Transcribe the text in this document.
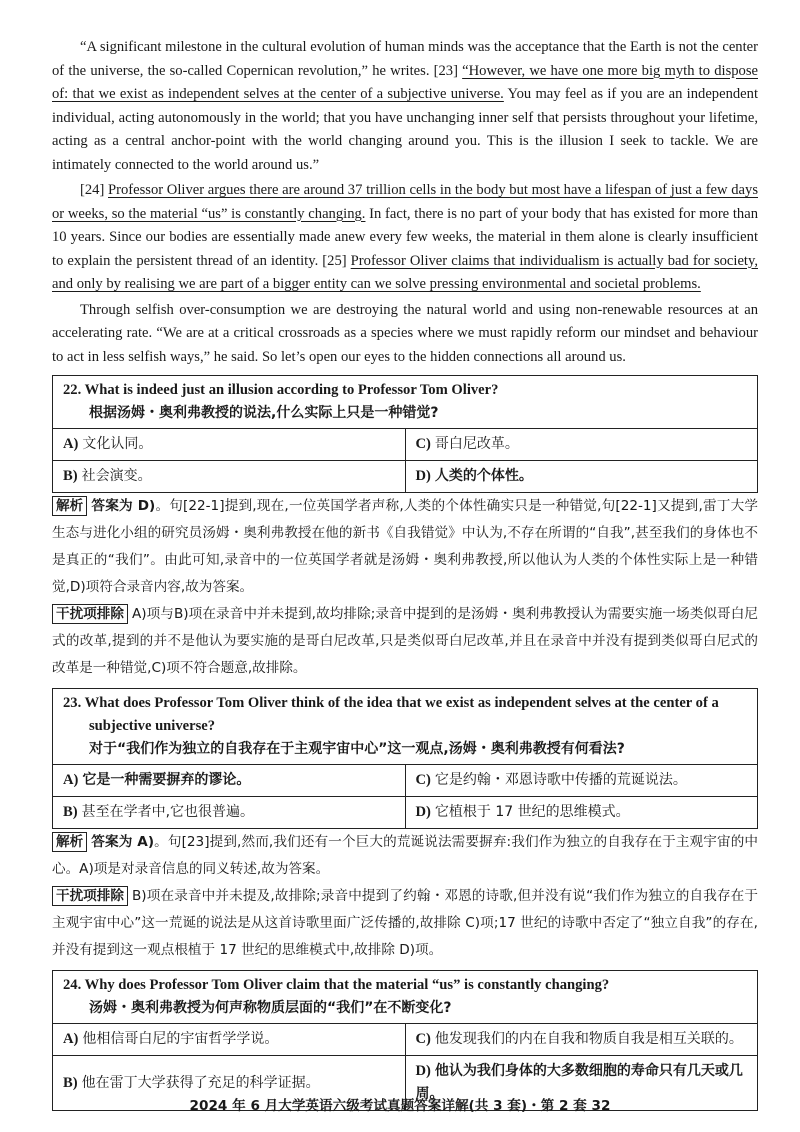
“A significant milestone in the cultural evolution of human minds was the acceptance that the Earth is not the center of the universe, the so-called Copernican revolution,” he writes. [23] “However, we have one more big myth to dispose of: that we exist as independent selves at the center of a subjective universe. You may feel as if you are an independent individual, acting autonomously in the world; that you have unchanging inner self that persists throughout your lifetime, acting as a central anchor-point with the world changing around you. This is the illusion I seek to tackle. We are intimately connected to the world around us.”

[24] Professor Oliver argues there are around 37 trillion cells in the body but most have a lifespan of just a few days or weeks, so the material “us” is constantly changing. In fact, there is no part of your body that has existed for more than 10 years. Since our bodies are essentially made anew every few weeks, the material in them alone is clearly insufficient to explain the persistent thread of an identity. [25] Professor Oliver claims that individualism is actually bad for society, and only by realising we are part of a bigger entity can we solve pressing environmental and societal problems.

Through selfish over-consumption we are destroying the natural world and using non-renewable resources at an accelerating rate. “We are at a critical crossroads as a species where we must rapidly reform our mindset and behaviour to act in less selfish ways,” he said. So let’s open our eyes to the hidden connections all around us.

22. What is indeed just an illusion according to Professor Tom Oliver?
根据汤姆・奥利弗教授的说法,什么实际上只是一种错觉?	

A) 文化认同。	C) 哥白尼改革。
B) 社会演变。	D) 人类的个体性。

解析 答案为 D)。句[22-1]提到,现在,一位英国学者声称,人类的个体性确实只是一种错觉,句[22-1]又提到,雷丁大学生态与进化小组的研究员汤姆・奥利弗教授在他的新书《自我错觉》中认为,不存在所谓的“自我”,甚至我们的身体也不是真正的“我们”。由此可知,录音中的一位英国学者就是汤姆・奥利弗教授,所以他认为人类的个体性实际上是一种错觉,D)项符合录音内容,故为答案。

干扰项排除 A)项与B)项在录音中并未提到,故均排除;录音中提到的是汤姆・奥利弗教授认为需要实施一场类似哥白尼式的改革,提到的并不是他认为要实施的是哥白尼改革,只是类似哥白尼改革,并且在录音中并没有提到类似哥白尼式的改革是一种错觉,C)项不符合题意,故排除。

23. What does Professor Tom Oliver think of the idea that we exist as independent selves at the center of a
subjective universe?
对于“我们作为独立的自我存在于主观宇宙中心”这一观点,汤姆・奥利弗教授有何看法?	

A) 它是一种需要摒弃的谬论。	C) 它是约翰・邓恩诗歌中传播的荒诞说法。
B) 甚至在学者中,它也很普遍。	D) 它植根于 17 世纪的思维模式。

解析 答案为 A)。句[23]提到,然而,我们还有一个巨大的荒诞说法需要摒弃:我们作为独立的自我存在于主观宇宙的中心。A)项是对录音信息的同义转述,故为答案。

干扰项排除 B)项在录音中并未提及,故排除;录音中提到了约翰・邓恩的诗歌,但并没有说“我们作为独立的自我存在于主观宇宙中心”这一荒诞的说法是从这首诗歌里面广泛传播的,故排除 C)项;17 世纪的诗歌中否定了“独立自我”的存在,并没有提到这一观点根植于 17 世纪的思维模式中,故排除 D)项。

24. Why does Professor Tom Oliver claim that the material “us” is constantly changing?
汤姆・奥利弗教授为何声称物质层面的“我们”在不断变化?	

A) 他相信哥白尼的宇宙哲学学说。	C) 他发现我们的内在自我和物质自我是相互关联的。
B) 他在雷丁大学获得了充足的科学证据。	D) 他认为我们身体的大多数细胞的寿命只有几天或几周。
2024 年 6 月大学英语六级考试真题答案详解(共 3 套)・第 2 套 32
